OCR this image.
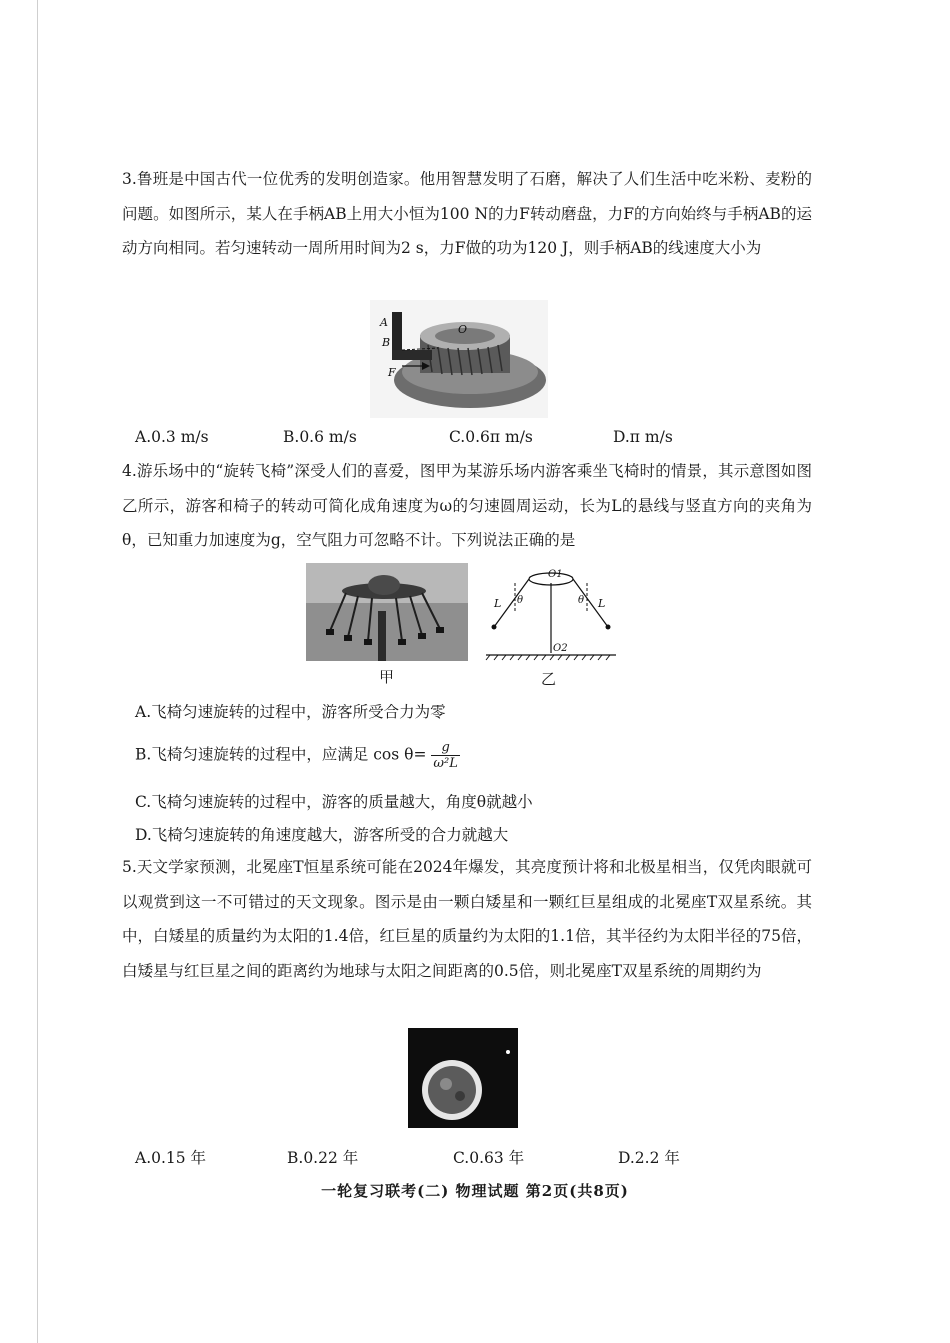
3.鲁班是中国古代一位优秀的发明创造家。他用智慧发明了石磨，解决了人们生活中吃米粉、麦粉的问题。如图所示，某人在手柄AB上用大小恒为100 N的力F转动磨盘，力F的方向始终与手柄AB的运动方向相同。若匀速转动一周所用时间为2 s，力F做的功为120 J，则手柄AB的线速度大小为

A
B
F
O
A.0.3 m/s	B.0.6 m/s	C.0.6π m/s	D.π m/s

4.游乐场中的“旋转飞椅”深受人们的喜爱，图甲为某游乐场内游客乘坐飞椅时的情景，其示意图如图乙所示，游客和椅子的转动可简化成角速度为ω的匀速圆周运动，长为L的悬线与竖直方向的夹角为θ，已知重力加速度为g，空气阻力可忽略不计。下列说法正确的是

O1
O2
L	L
θ	θ
甲	乙
A.飞椅匀速旋转的过程中，游客所受合力为零
B.飞椅匀速旋转的过程中，应满足 $\cos \theta= \frac{g}{\text{ω²L}}$
C.飞椅匀速旋转的过程中，游客的质量越大，角度θ就越小
D.飞椅匀速旋转的角速度越大，游客所受的合力就越大

5.天文学家预测，北冕座T恒星系统可能在2024年爆发，其亮度预计将和北极星相当，仅凭肉眼就可以观赏到这一不可错过的天文现象。图示是由一颗白矮星和一颗红巨星组成的北冕座T双星系统。其中，白矮星的质量约为太阳的1.4倍，红巨星的质量约为太阳的1.1倍，其半径约为太阳半径的75倍，白矮星与红巨星之间的距离约为地球与太阳之间距离的0.5倍，则北冕座T双星系统的周期约为

A.0.15 年	B.0.22 年	C.0.63 年	D.2.2 年
一轮复习联考(二) 物理试题 第2页(共8页)
